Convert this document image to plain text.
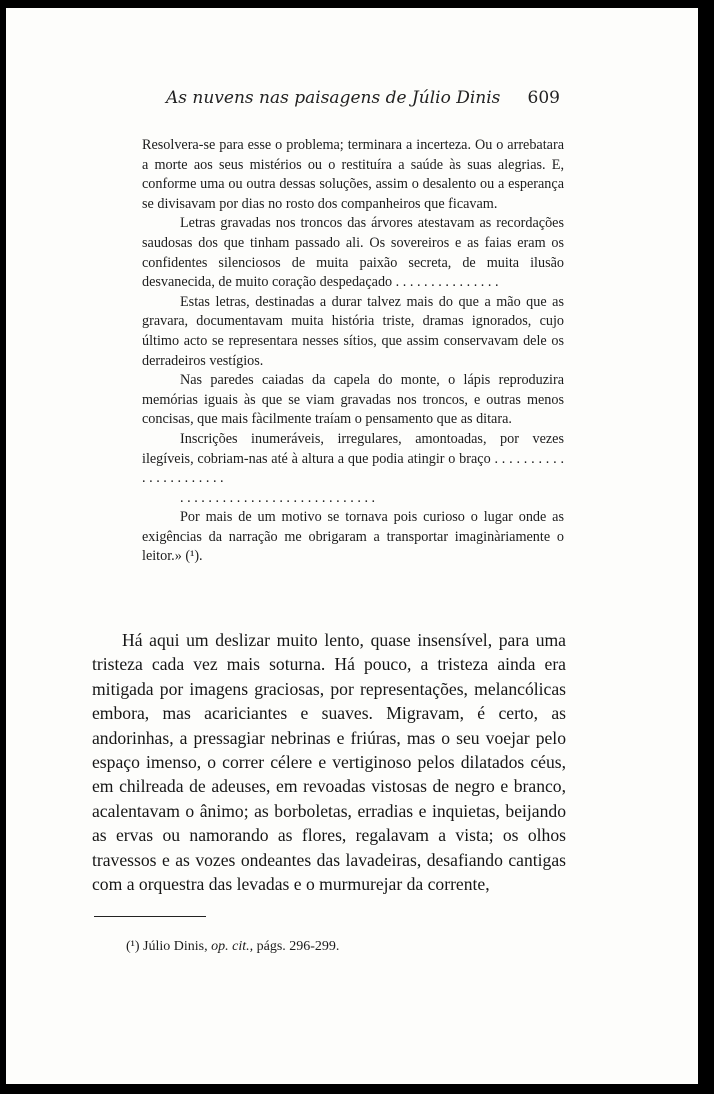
As nuvens nas paisagens de Júlio Dinis 609

Resolvera-se para esse o problema; terminara a incerteza. Ou o arrebatara a morte aos seus mistérios ou o restituíra a saúde às suas alegrias. E, conforme uma ou outra dessas soluções, assim o desalento ou a esperança se divisavam por dias no rosto dos companheiros que ficavam.

Letras gravadas nos troncos das árvores atestavam as recordações saudosas dos que tinham passado ali. Os sovereiros e as faias eram os confidentes silenciosos de muita paixão secreta, de muita ilusão desvanecida, de muito coração despedaçado . . . . . . . . . . . . . . .

Estas letras, destinadas a durar talvez mais do que a mão que as gravara, documentavam muita história triste, dramas ignorados, cujo último acto se representara nesses sítios, que assim conservavam dele os derradeiros vestígios.

Nas paredes caiadas da capela do monte, o lápis reproduzira memórias iguais às que se viam gravadas nos troncos, e outras menos concisas, que mais fàcilmente traíam o pensamento que as ditara.

Inscrições inumeráveis, irregulares, amontoadas, por vezes ilegíveis, cobriam-nas até à altura a que podia atingir o braço . . . . . . . . . . . . . . . . . . . . . .

. . . . . . . . . . . . . . . . . . . . . . . . . . . .

Por mais de um motivo se tornava pois curioso o lugar onde as exigências da narração me obrigaram a transportar imaginàriamente o leitor.» (¹).

Há aqui um deslizar muito lento, quase insensível, para uma tristeza cada vez mais soturna. Há pouco, a tristeza ainda era mitigada por imagens graciosas, por representações, melancólicas embora, mas acariciantes e suaves. Migravam, é certo, as andorinhas, a pressagiar nebrinas e friúras, mas o seu voejar pelo espaço imenso, o correr célere e vertiginoso pelos dilatados céus, em chilreada de adeuses, em revoadas vistosas de negro e branco, acalentavam o ânimo; as borboletas, erradias e inquietas, beijando as ervas ou namorando as flores, regalavam a vista; os olhos travessos e as vozes ondeantes das lavadeiras, desafiando cantigas com a orquestra das levadas e o murmurejar da corrente,

(¹) Júlio Dinis, op. cit., págs. 296-299.
